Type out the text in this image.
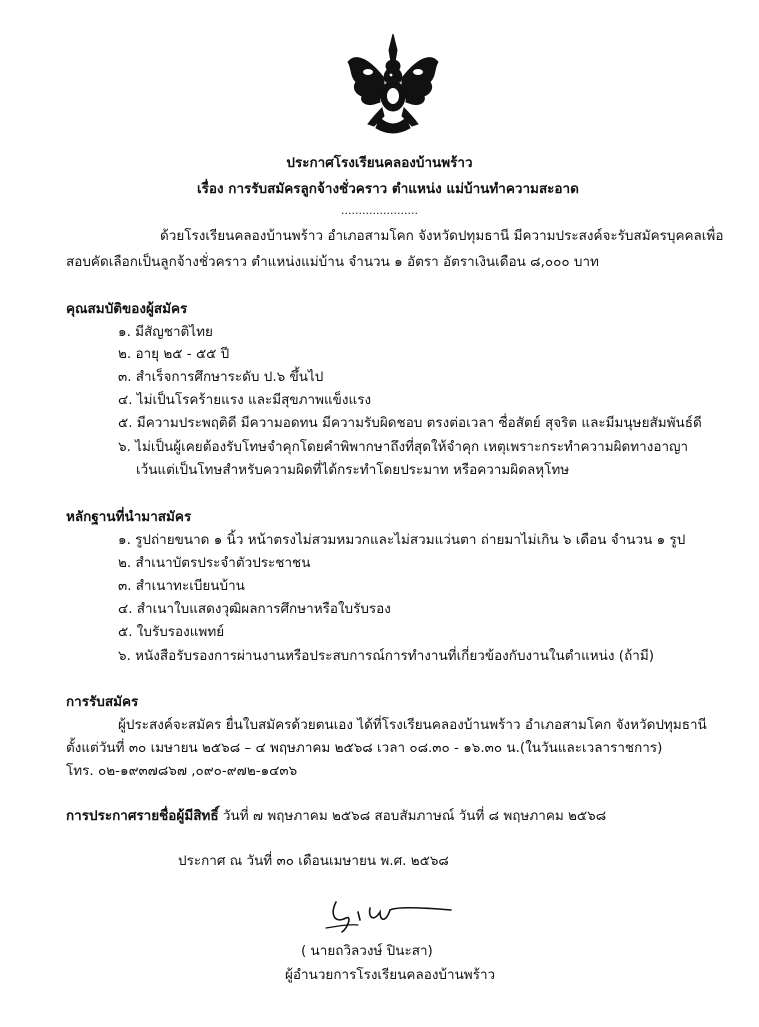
ประกาศโรงเรียนคลองบ้านพร้าว
เรื่อง การรับสมัครลูกจ้างชั่วคราว ตำแหน่ง แม่บ้านทำความสะอาด
......................
ด้วยโรงเรียนคลองบ้านพร้าว อำเภอสามโคก จังหวัดปทุมธานี มีความประสงค์จะรับสมัครบุคคลเพื่อ
สอบคัดเลือกเป็นลูกจ้างชั่วคราว ตำแหน่งแม่บ้าน จำนวน ๑ อัตรา อัตราเงินเดือน ๘,๐๐๐ บาท
คุณสมบัติของผู้สมัคร
๑. มีสัญชาติไทย
๒. อายุ ๒๕ - ๕๕ ปี
๓. สำเร็จการศึกษาระดับ ป.๖ ขึ้นไป
๔. ไม่เป็นโรคร้ายแรง และมีสุขภาพแข็งแรง
๕. มีความประพฤติดี มีความอดทน มีความรับผิดชอบ ตรงต่อเวลา ซื่อสัตย์ สุจริต และมีมนุษยสัมพันธ์ดี
๖. ไม่เป็นผู้เคยต้องรับโทษจำคุกโดยคำพิพากษาถึงที่สุดให้จำคุก เหตุเพราะกระทำความผิดทางอาญา
เว้นแต่เป็นโทษสำหรับความผิดที่ได้กระทำโดยประมาท หรือความผิดลหุโทษ
หลักฐานที่นำมาสมัคร
๑. รูปถ่ายขนาด ๑ นิ้ว หน้าตรงไม่สวมหมวกและไม่สวมแว่นตา ถ่ายมาไม่เกิน ๖ เดือน จำนวน ๑ รูป
๒. สำเนาบัตรประจำตัวประชาชน
๓. สำเนาทะเบียนบ้าน
๔. สำเนาใบแสดงวุฒิผลการศึกษาหรือใบรับรอง
๕. ใบรับรองแพทย์
๖. หนังสือรับรองการผ่านงานหรือประสบการณ์การทำงานที่เกี่ยวข้องกับงานในตำแหน่ง (ถ้ามี)
การรับสมัคร
ผู้ประสงค์จะสมัคร ยื่นใบสมัครด้วยตนเอง ได้ที่โรงเรียนคลองบ้านพร้าว อำเภอสามโคก จังหวัดปทุมธานี
ตั้งแต่วันที่ ๓๐ เมษายน ๒๕๖๘ – ๔ พฤษภาคม ๒๕๖๘ เวลา ๐๘.๓๐ - ๑๖.๓๐ น.(ในวันและเวลาราชการ)
โทร. ๐๒-๑๙๓๗๘๖๗ ,๐๙๐-๙๗๒-๑๔๓๖
การประกาศรายชื่อผู้มีสิทธิ์ วันที่ ๗ พฤษภาคม ๒๕๖๘ สอบสัมภาษณ์ วันที่ ๘ พฤษภาคม ๒๕๖๘
ประกาศ ณ วันที่ ๓๐ เดือนเมษายน พ.ศ. ๒๕๖๘
( นายถวิลวงษ์ ปินะสา)
ผู้อำนวยการโรงเรียนคลองบ้านพร้าว
